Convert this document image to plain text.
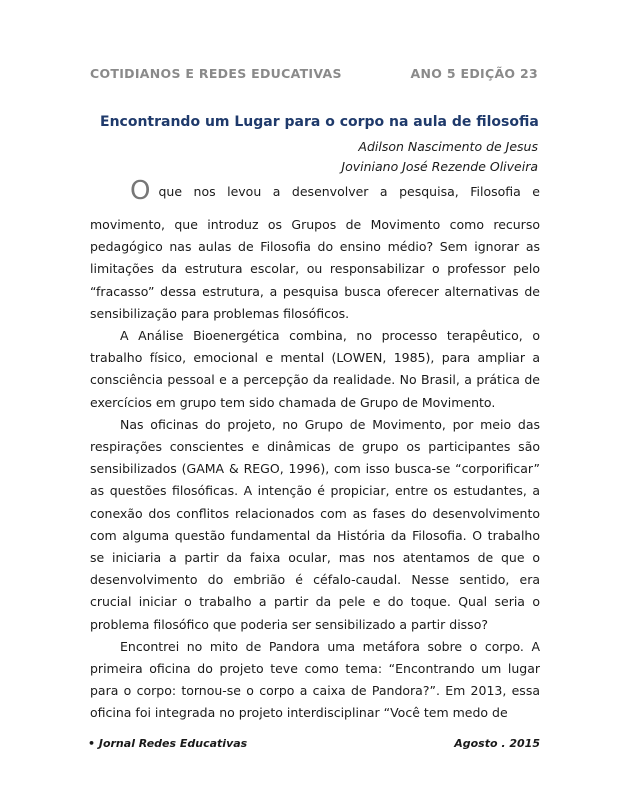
COTIDIANOS E REDES EDUCATIVAS	ANO 5 EDIÇÃO 23
Encontrando um Lugar para o corpo na aula de filosofia
Adilson Nascimento de Jesus
Joviniano José Rezende Oliveira
Oque nos levou a desenvolver a pesquisa, Filosofia e

movimento, que introduz os Grupos de Movimento como recurso pedagógico nas aulas de Filosofia do ensino médio? Sem ignorar as limitações da estrutura escolar, ou responsabilizar o professor pelo “fracasso” dessa estrutura, a pesquisa busca oferecer alternativas de sensibilização para problemas filosóficos.

A Análise Bioenergética combina, no processo terapêutico, o trabalho físico, emocional e mental (LOWEN, 1985), para ampliar a consciência pessoal e a percepção da realidade. No Brasil, a prática de exercícios em grupo tem sido chamada de Grupo de Movimento.

Nas oficinas do projeto, no Grupo de Movimento, por meio das respirações conscientes e dinâmicas de grupo os participantes são sensibilizados (GAMA & REGO, 1996), com isso busca-se “corporificar” as questões filosóficas. A intenção é propiciar, entre os estudantes, a conexão dos conflitos relacionados com as fases do desenvolvimento com alguma questão fundamental da História da Filosofia. O trabalho se iniciaria a partir da faixa ocular, mas nos atentamos de que o desenvolvimento do embrião é céfalo-caudal. Nesse sentido, era crucial iniciar o trabalho a partir da pele e do toque. Qual seria o problema filosófico que poderia ser sensibilizado a partir disso?

Encontrei no mito de Pandora uma metáfora sobre o corpo. A primeira oficina do projeto teve como tema: “Encontrando um lugar para o corpo: tornou-se o corpo a caixa de Pandora?”. Em 2013, essa oficina foi integrada no projeto interdisciplinar “Você tem medo de

• Jornal Redes Educativas	Agosto . 2015
